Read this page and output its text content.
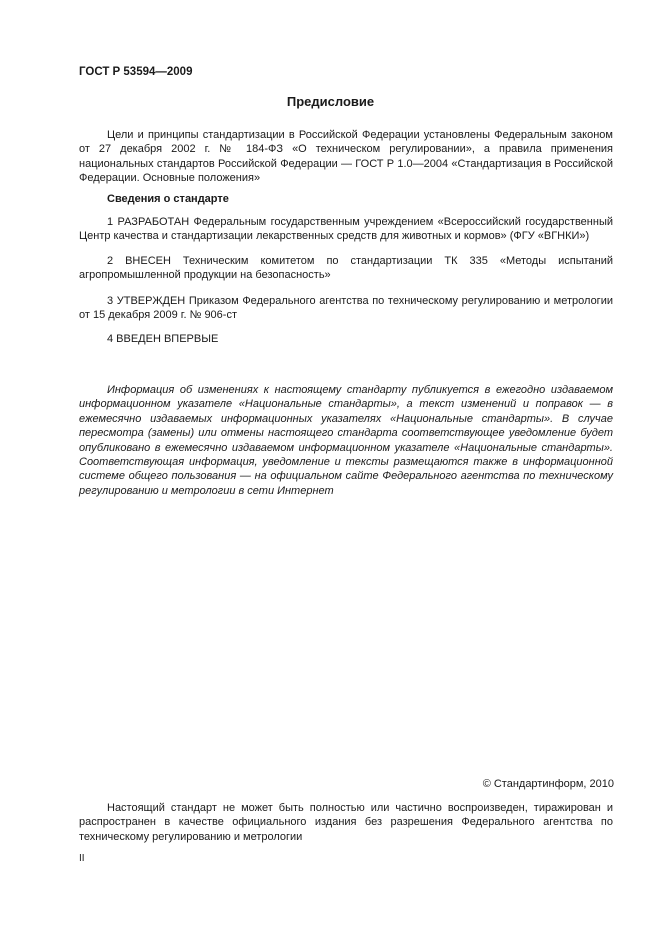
ГОСТ Р 53594—2009
Предисловие

Цели и принципы стандартизации в Российской Федерации установлены Федеральным законом от 27 декабря 2002 г. № 184-ФЗ «О техническом регулировании», а правила применения национальных стандартов Российской Федерации — ГОСТ Р 1.0—2004 «Стандартизация в Российской Федерации. Основные положения»

Сведения о стандарте

1 РАЗРАБОТАН Федеральным государственным учреждением «Всероссийский государственный Центр качества и стандартизации лекарственных средств для животных и кормов» (ФГУ «ВГНКИ»)

2 ВНЕСЕН Техническим комитетом по стандартизации ТК 335 «Методы испытаний агропромышленной продукции на безопасность»

3 УТВЕРЖДЕН Приказом Федерального агентства по техническому регулированию и метрологии от 15 декабря 2009 г. № 906-ст

4 ВВЕДЕН ВПЕРВЫЕ

Информация об изменениях к настоящему стандарту публикуется в ежегодно издаваемом информационном указателе «Национальные стандарты», а текст изменений и поправок — в ежемесячно издаваемых информационных указателях «Национальные стандарты». В случае пересмотра (замены) или отмены настоящего стандарта соответствующее уведомление будет опубликовано в ежемесячно издаваемом информационном указателе «Национальные стандарты». Соответствующая информация, уведомление и тексты размещаются также в информационной системе общего пользования — на официальном сайте Федерального агентства по техническому регулированию и метрологии в сети Интернет

© Стандартинформ, 2010

Настоящий стандарт не может быть полностью или частично воспроизведен, тиражирован и распространен в качестве официального издания без разрешения Федерального агентства по техническому регулированию и метрологии

II
